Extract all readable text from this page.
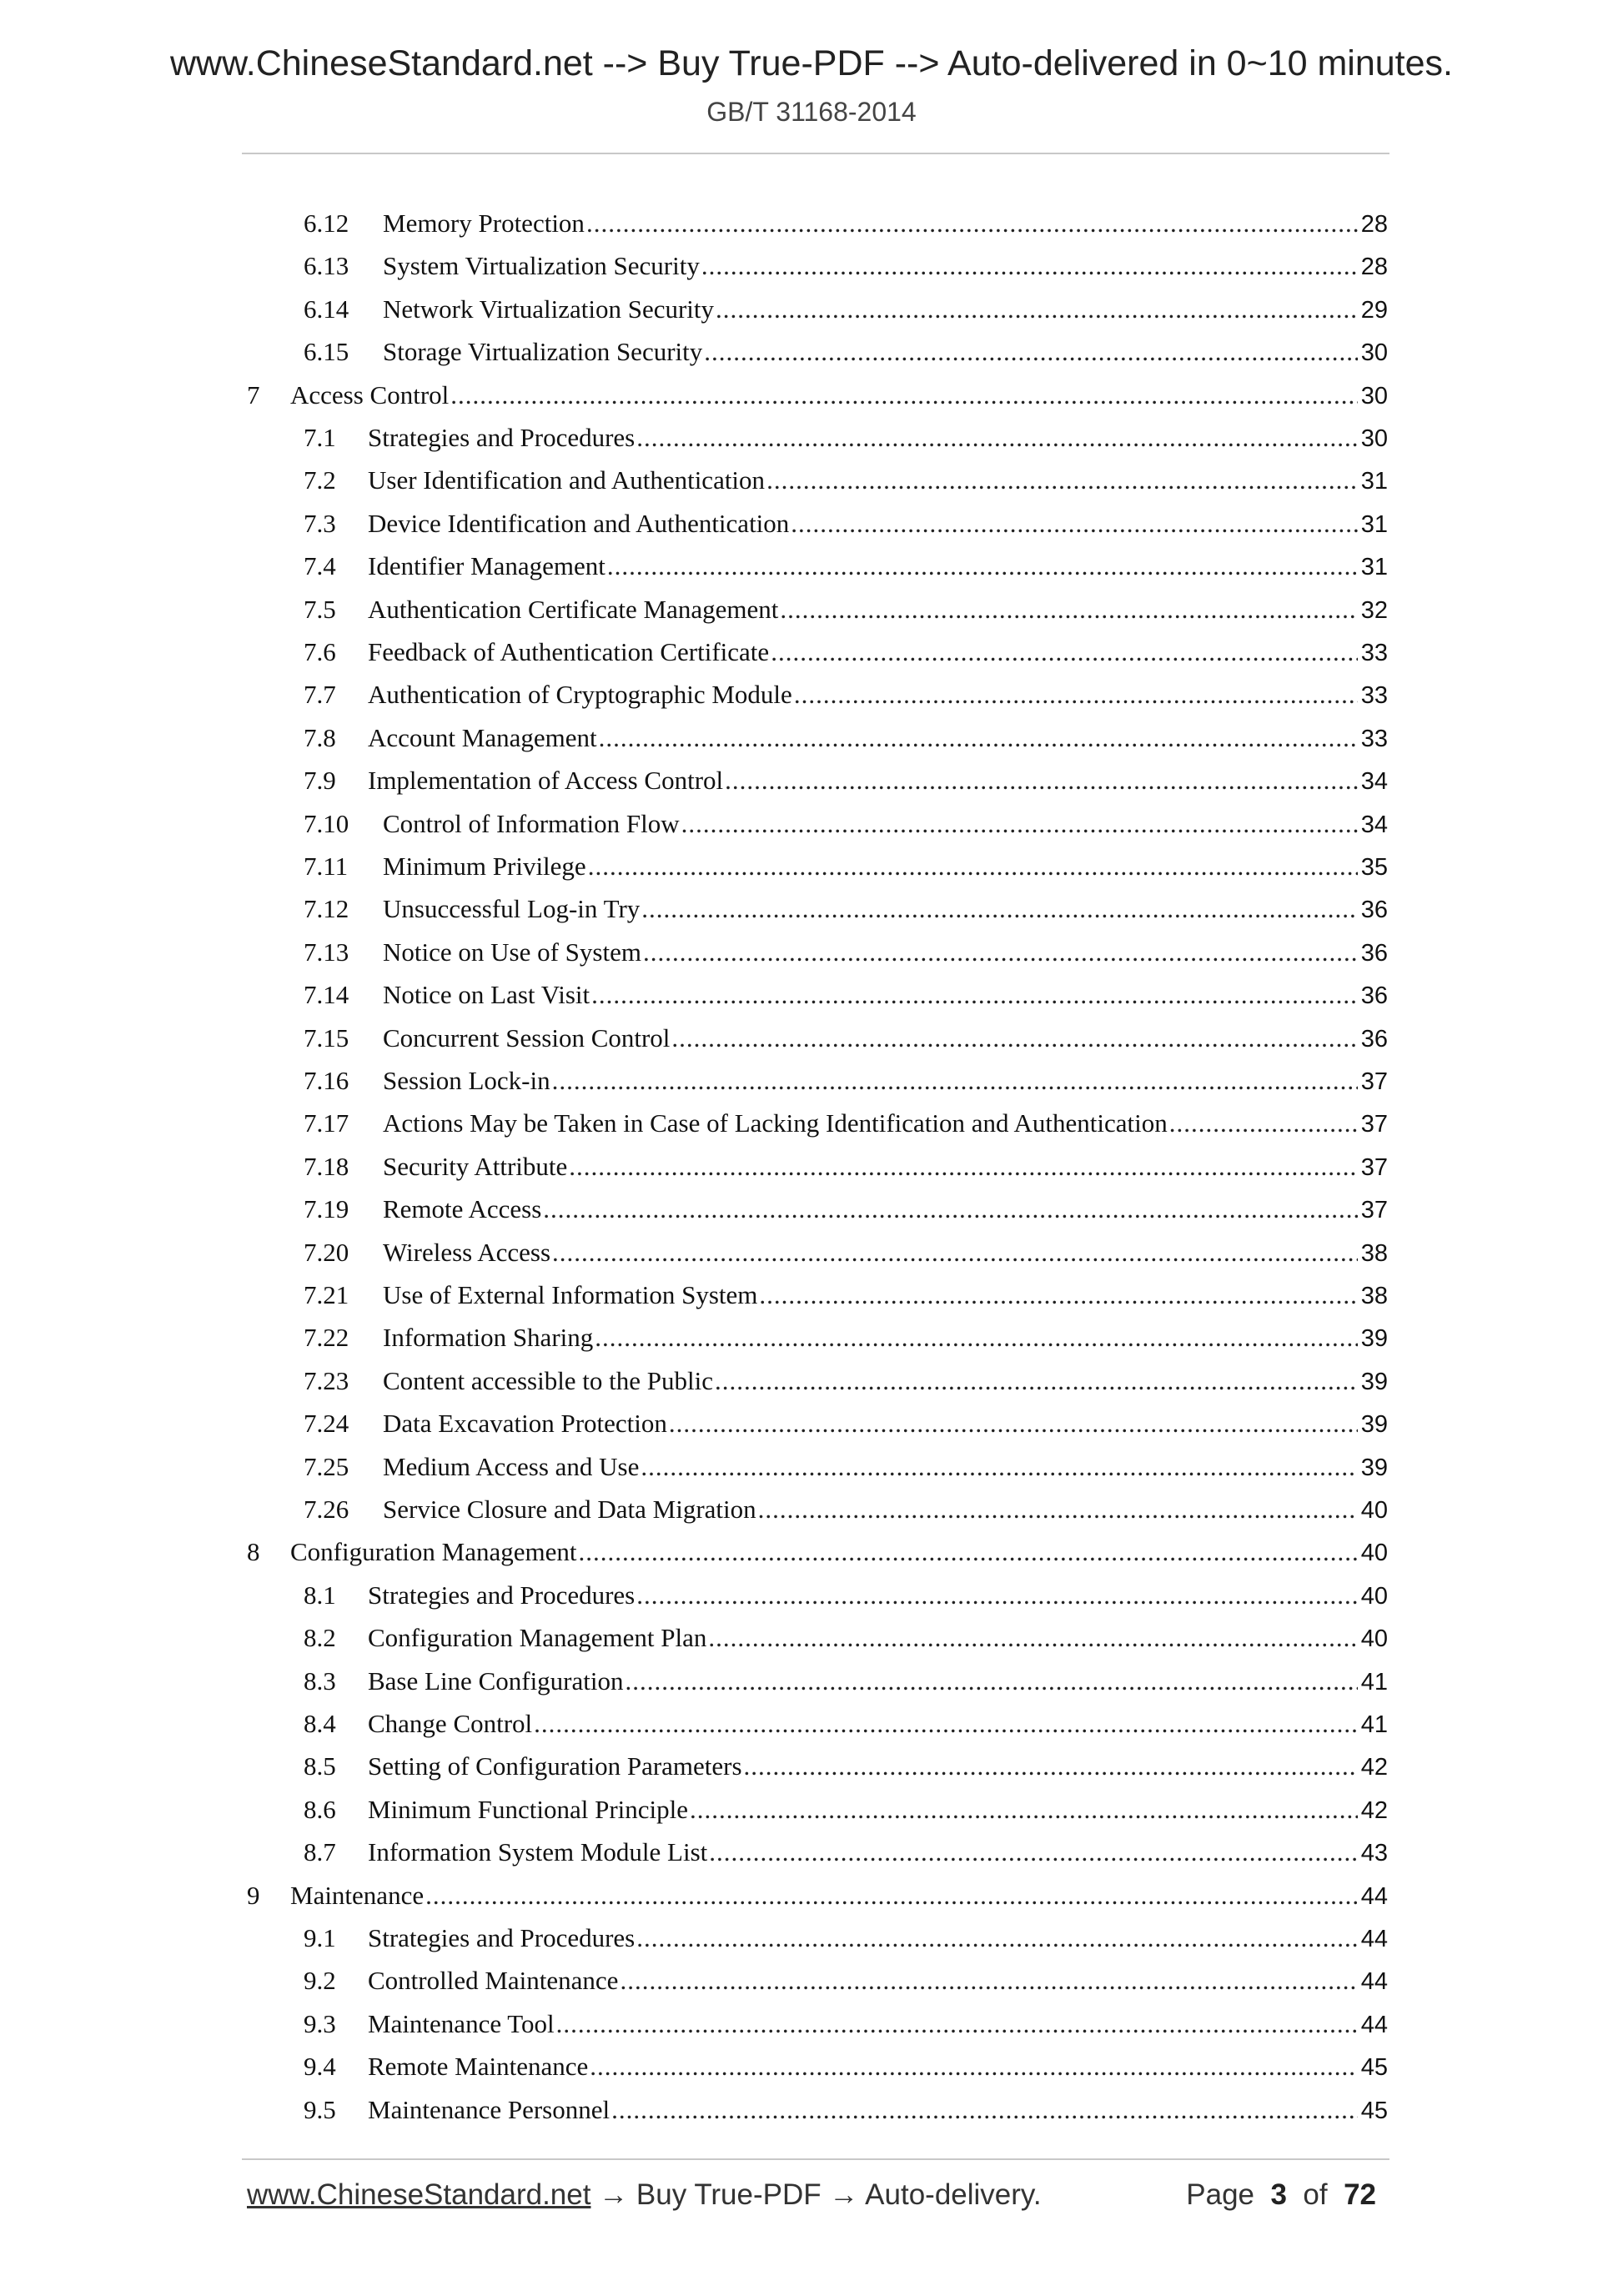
www.ChineseStandard.net --> Buy True-PDF --> Auto-delivered in 0~10 minutes.
GB/T 31168-2014
6.12	Memory Protection .....	28
6.13	System Virtualization Security .....	28
6.14	Network Virtualization Security .....	29
6.15	Storage Virtualization Security .....	30
7	Access Control .....	30
7.1	Strategies and Procedures .....	30
7.2	User Identification and Authentication .....	31
7.3	Device Identification and Authentication .....	31
7.4	Identifier Management .....	31
7.5	Authentication Certificate Management .....	32
7.6	Feedback of Authentication Certificate .....	33
7.7	Authentication of Cryptographic Module .....	33
7.8	Account Management .....	33
7.9	Implementation of Access Control .....	34
7.10	Control of Information Flow .....	34
7.11	Minimum Privilege .....	35
7.12	Unsuccessful Log-in Try .....	36
7.13	Notice on Use of System .....	36
7.14	Notice on Last Visit .....	36
7.15	Concurrent Session Control .....	36
7.16	Session Lock-in .....	37
7.17	Actions May be Taken in Case of Lacking Identification and Authentication .....	37
7.18	Security Attribute .....	37
7.19	Remote Access .....	37
7.20	Wireless Access .....	38
7.21	Use of External Information System .....	38
7.22	Information Sharing .....	39
7.23	Content accessible to the Public .....	39
7.24	Data Excavation Protection .....	39
7.25	Medium Access and Use .....	39
7.26	Service Closure and Data Migration .....	40
8	Configuration Management .....	40
8.1	Strategies and Procedures .....	40
8.2	Configuration Management Plan .....	40
8.3	Base Line Configuration .....	41
8.4	Change Control .....	41
8.5	Setting of Configuration Parameters .....	42
8.6	Minimum Functional Principle .....	42
8.7	Information System Module List .....	43
9	Maintenance .....	44
9.1	Strategies and Procedures .....	44
9.2	Controlled Maintenance .....	44
9.3	Maintenance Tool .....	44
9.4	Remote Maintenance .....	45
9.5	Maintenance Personnel .....	45
www.ChineseStandard.net → Buy True-PDF → Auto-delivery.	Page 3 of 72
